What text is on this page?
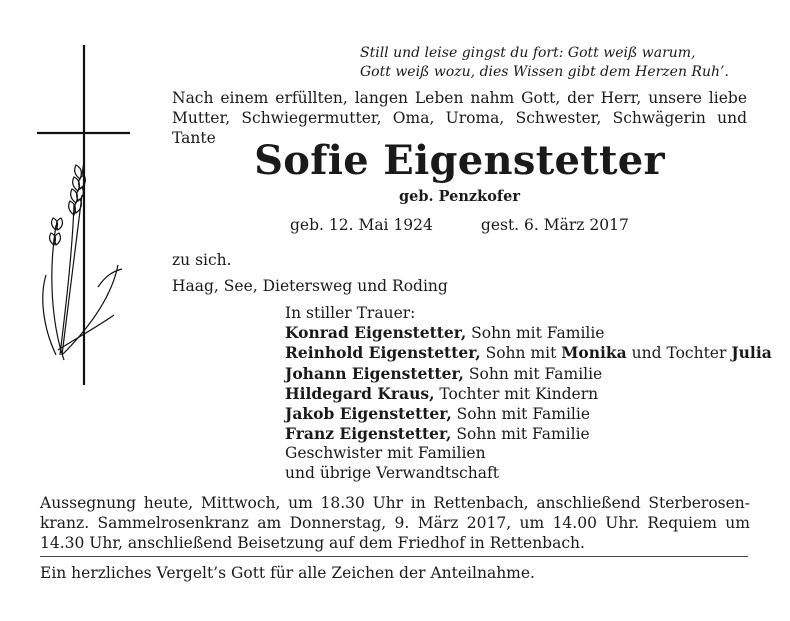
Still und leise gingst du fort: Gott weiß warum,
Gott weiß wozu, dies Wissen gibt dem Herzen Ruh’.
Nach einem erfüllten, langen Leben nahm Gott, der Herr, unsere liebe
Mutter, Schwiegermutter, Oma, Uroma, Schwester, Schwägerin und Tante Sofie Eigenstetter
geb. Penzkofer
geb. 12. Mai 1924	gest. 6. März 2017
zu sich.
Haag, See, Dietersweg und Roding
In stiller Trauer:
Konrad Eigenstetter, Sohn mit Familie
Reinhold Eigenstetter, Sohn mit Monika und Tochter Julia
Johann Eigenstetter, Sohn mit Familie
Hildegard Kraus, Tochter mit Kindern
Jakob Eigenstetter, Sohn mit Familie
Franz Eigenstetter, Sohn mit Familie
Geschwister mit Familien
und übrige Verwandtschaft
Aussegnung heute, Mittwoch, um 18.30 Uhr in Rettenbach, anschließend Sterberosen-
kranz. Sammelrosenkranz am Donnerstag, 9. März 2017, um 14.00 Uhr. Requiem um
14.30 Uhr, anschließend Beisetzung auf dem Friedhof in Rettenbach.
Ein herzliches Vergelt’s Gott für alle Zeichen der Anteilnahme.
